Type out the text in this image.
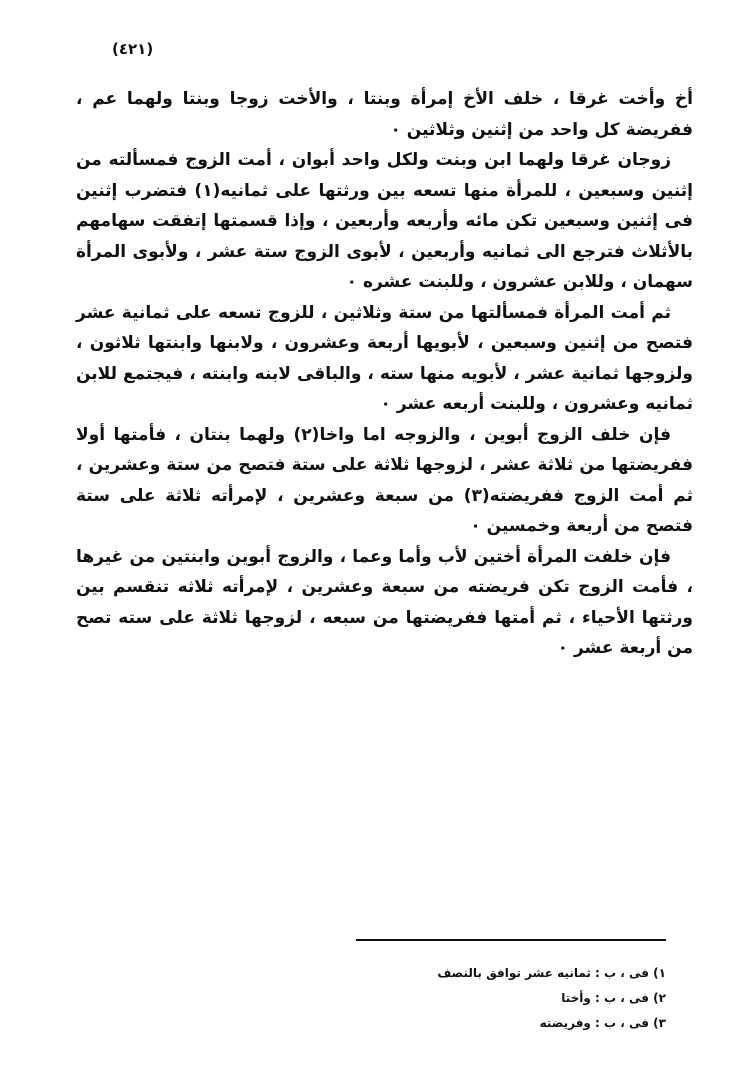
(٤٢١)

أخ وأخت غرقا ، خلف الأخ إمرأة وبنتا ، والأخت زوجا وبنتا ولهما عم ، ففريضة كل واحد من إثنين وثلاثين ٠

زوجان غرقا ولهما ابن وبنت ولكل واحد أبوان ، أمت الزوج فمسألته من إثنين وسبعين ، للمرأة منها تسعه بين ورثتها على ثمانيه(١) فتضرب إثنين فى إثنين وسبعين تكن مائه وأربعه وأربعين ، وإذا قسمتها إتفقت سهامهم بالأثلاث فترجع الى ثمانيه وأربعين ، لأبوى الزوج ستة عشر ، ولأبوى المرأة سهمان ، وللابن عشرون ، وللبنت عشره ٠

ثم أمت المرأة فمسألتها من ستة وثلاثين ، للزوج تسعه على ثمانية عشر فتصح من إثنين وسبعين ، لأبويها أربعة وعشرون ، ولابنها وابنتها ثلاثون ، ولزوجها ثمانية عشر ، لأبويه منها سته ، والباقى لابنه وابنته ، فيجتمع للابن ثمانيه وعشرون ، وللبنت أربعه عشر ٠

فإن خلف الزوج أبوين ، والزوجه اما واخا(٢) ولهما بنتان ، فأمتها أولا ففريضتها من ثلاثة عشر ، لزوجها ثلاثة على ستة فتصح من ستة وعشرين ، ثم أمت الزوج ففريضته(٣) من سبعة وعشرين ، لإمرأته ثلاثة على ستة فتصح من أربعة وخمسين ٠

فإن خلفت المرأة أختين لأب وأما وعما ، والزوج أبوين وابنتين من غيرها ، فأمت الزوج تكن فريضته من سبعة وعشرين ، لإمرأته ثلاثه تنقسم بين ورثتها الأحياء ، ثم أمتها ففريضتها من سبعه ، لزوجها ثلاثة على سته تصح من أربعة عشر ٠

١) فى ، ب : ثمانيه عشر توافق بالنصف
٢) فى ، ب : وأختا
٣) فى ، ب : وفريضته
